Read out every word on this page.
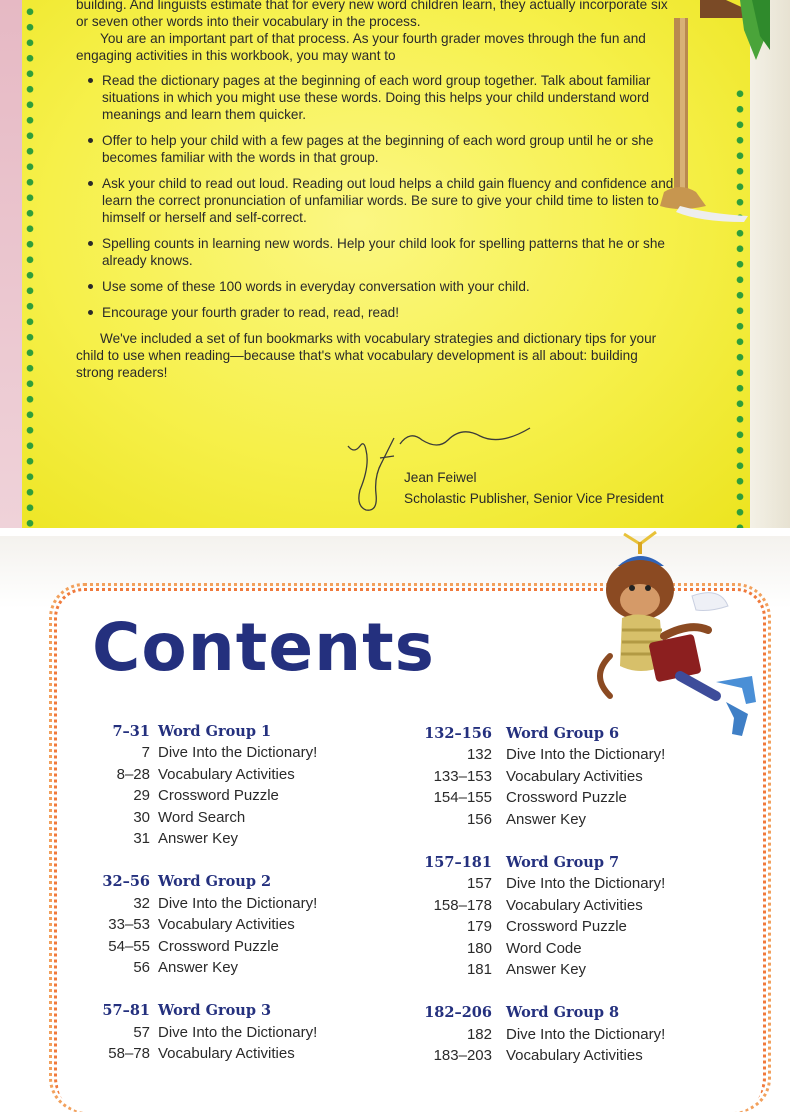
building. And linguists estimate that for every new word children learn, they actually incorporate six or seven other words into their vocabulary in the process.

You are an important part of that process. As your fourth grader moves through the fun and engaging activities in this workbook, you may want to

Read the dictionary pages at the beginning of each word group together. Talk about familiar situations in which you might use these words. Doing this helps your child understand word meanings and learn them quicker.
Offer to help your child with a few pages at the beginning of each word group until he or she becomes familiar with the words in that group.
Ask your child to read out loud. Reading out loud helps a child gain fluency and confidence and learn the correct pronunciation of unfamiliar words. Be sure to give your child time to listen to himself or herself and self-correct.
Spelling counts in learning new words. Help your child look for spelling patterns that he or she already knows.
Use some of these 100 words in everyday conversation with your child.
Encourage your fourth grader to read, read, read!

We've included a set of fun bookmarks with vocabulary strategies and dictionary tips for your child to use when reading—because that's what vocabulary development is all about: building strong readers!

Jean Feiwel
Scholastic Publisher, Senior Vice President
Contents
7–31 Word Group 1
7 Dive Into the Dictionary!
8–28 Vocabulary Activities
29 Crossword Puzzle
30 Word Search
31 Answer Key
32–56 Word Group 2
32 Dive Into the Dictionary!
33–53 Vocabulary Activities
54–55 Crossword Puzzle
56 Answer Key
57–81 Word Group 3
57 Dive Into the Dictionary!
58–78 Vocabulary Activities
132–156 Word Group 6
132 Dive Into the Dictionary!
133–153 Vocabulary Activities
154–155 Crossword Puzzle
156 Answer Key
157–181 Word Group 7
157 Dive Into the Dictionary!
158–178 Vocabulary Activities
179 Crossword Puzzle
180 Word Code
181 Answer Key
182–206 Word Group 8
182 Dive Into the Dictionary!
183–203 Vocabulary Activities
